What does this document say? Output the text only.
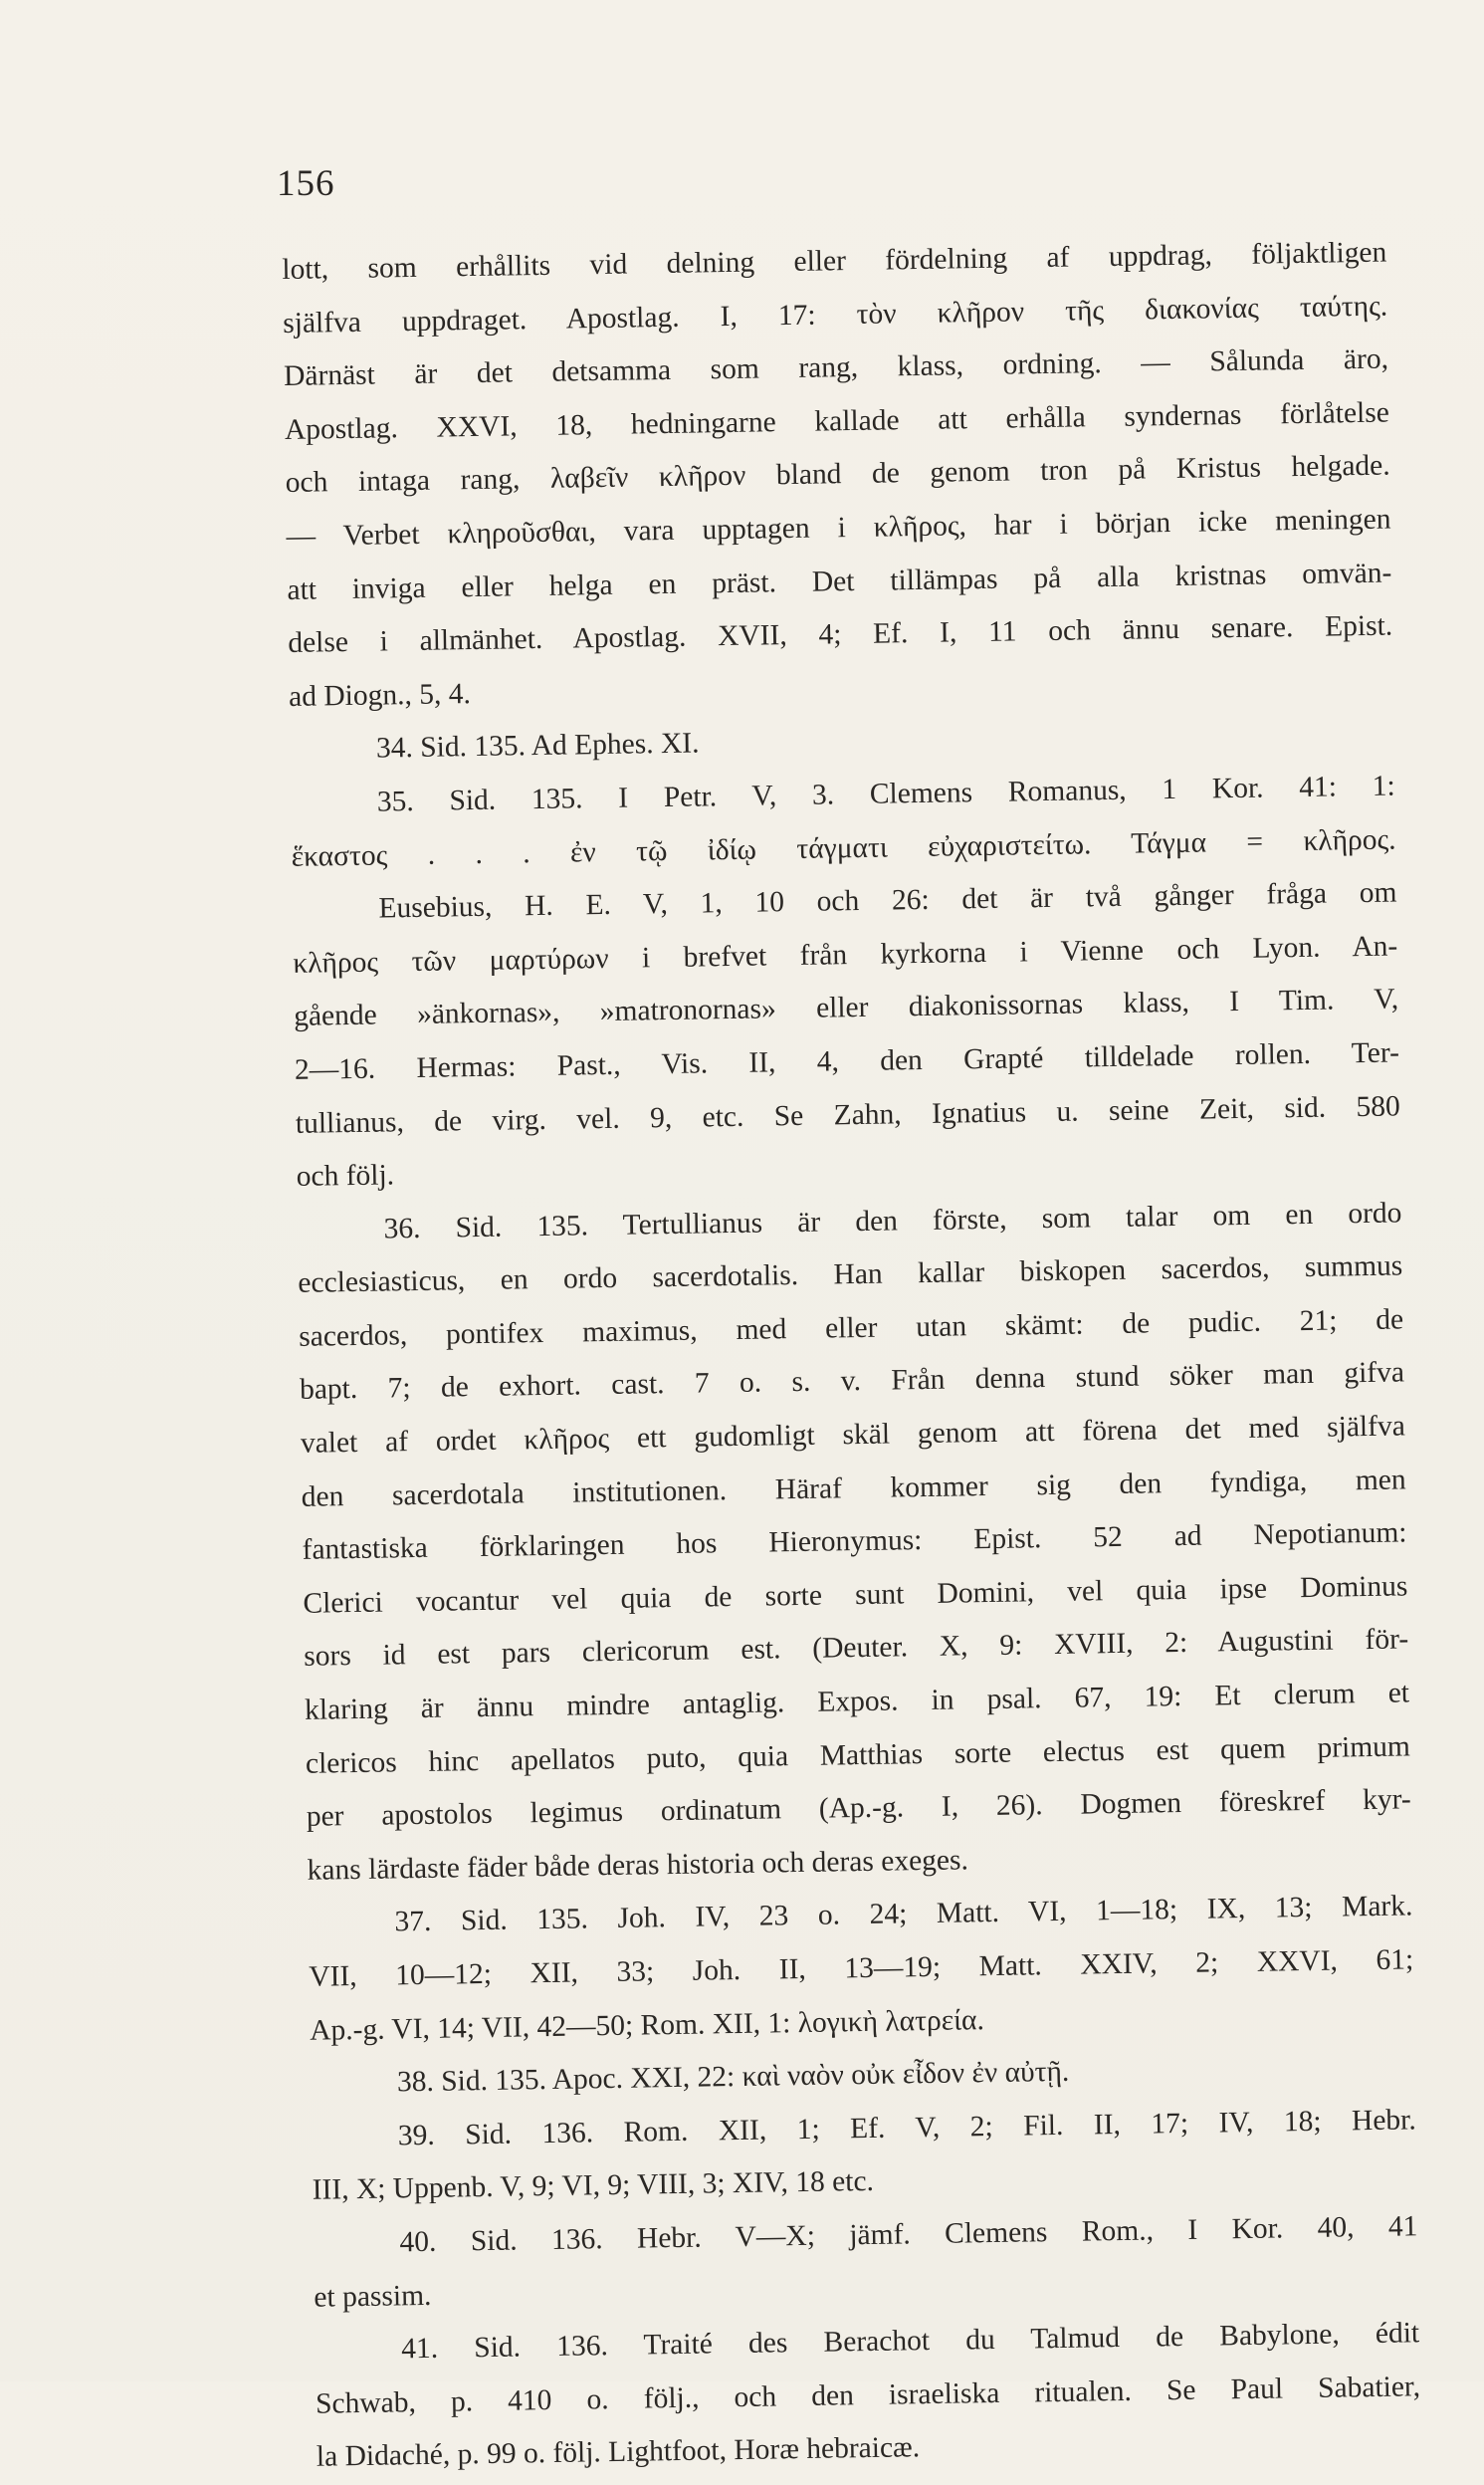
156
lott, som erhållits vid delning eller fördelning af uppdrag, följaktligen
själfva uppdraget. Apostlag. I, 17: τὸν κλῆρον τῆς διακονίας ταύτης.
Därnäst är det detsamma som rang, klass, ordning. — Sålunda äro,
Apostlag. XXVI, 18, hedningarne kallade att erhålla syndernas förlåtelse
och intaga rang, λαβεῖν κλῆρον bland de genom tron på Kristus helgade.
— Verbet κληροῦσθαι, vara upptagen i κλῆρος, har i början icke meningen
att inviga eller helga en präst. Det tillämpas på alla kristnas omvän-
delse i allmänhet. Apostlag. XVII, 4; Ef. I, 11 och ännu senare. Epist.
ad Diogn., 5, 4.
34. Sid. 135. Ad Ephes. XI.
35. Sid. 135. I Petr. V, 3. Clemens Romanus, 1 Kor. 41: 1:
ἕκαστος . . . ἐν τῷ ἰδίῳ τάγματι εὐχαριστείτω. Τάγμα = κλῆρος.
Eusebius, H. E. V, 1, 10 och 26: det är två gånger fråga om
κλῆρος τῶν μαρτύρων i brefvet från kyrkorna i Vienne och Lyon. An-
gående »änkornas», »matronornas» eller diakonissornas klass, I Tim. V,
2—16. Hermas: Past., Vis. II, 4, den Grapté tilldelade rollen. Ter-
tullianus, de virg. vel. 9, etc. Se Zahn, Ignatius u. seine Zeit, sid. 580
och följ.
36. Sid. 135. Tertullianus är den förste, som talar om en ordo
ecclesiasticus, en ordo sacerdotalis. Han kallar biskopen sacerdos, summus
sacerdos, pontifex maximus, med eller utan skämt: de pudic. 21; de
bapt. 7; de exhort. cast. 7 o. s. v. Från denna stund söker man gifva
valet af ordet κλῆρος ett gudomligt skäl genom att förena det med själfva
den sacerdotala institutionen. Häraf kommer sig den fyndiga, men
fantastiska förklaringen hos Hieronymus: Epist. 52 ad Nepotianum:
Clerici vocantur vel quia de sorte sunt Domini, vel quia ipse Dominus
sors id est pars clericorum est. (Deuter. X, 9: XVIII, 2: Augustini för-
klaring är ännu mindre antaglig. Expos. in psal. 67, 19: Et clerum et
clericos hinc apellatos puto, quia Matthias sorte electus est quem primum
per apostolos legimus ordinatum (Ap.-g. I, 26). Dogmen föreskref kyr-
kans lärdaste fäder både deras historia och deras exeges.
37. Sid. 135. Joh. IV, 23 o. 24; Matt. VI, 1—18; IX, 13; Mark.
VII, 10—12; XII, 33; Joh. II, 13—19; Matt. XXIV, 2; XXVI, 61;
Ap.-g. VI, 14; VII, 42—50; Rom. XII, 1: λογικὴ λατρεία.
38. Sid. 135. Apoc. XXI, 22: καὶ ναὸν οὐκ εἶδον ἐν αὐτῇ.
39. Sid. 136. Rom. XII, 1; Ef. V, 2; Fil. II, 17; IV, 18; Hebr.
III, X; Uppenb. V, 9; VI, 9; VIII, 3; XIV, 18 etc.
40. Sid. 136. Hebr. V—X; jämf. Clemens Rom., I Kor. 40, 41
et passim.
41. Sid. 136. Traité des Berachot du Talmud de Babylone, édit
Schwab, p. 410 o. följ., och den israeliska ritualen. Se Paul Sabatier,
la Didaché, p. 99 o. följ. Lightfoot, Horæ hebraicæ.
